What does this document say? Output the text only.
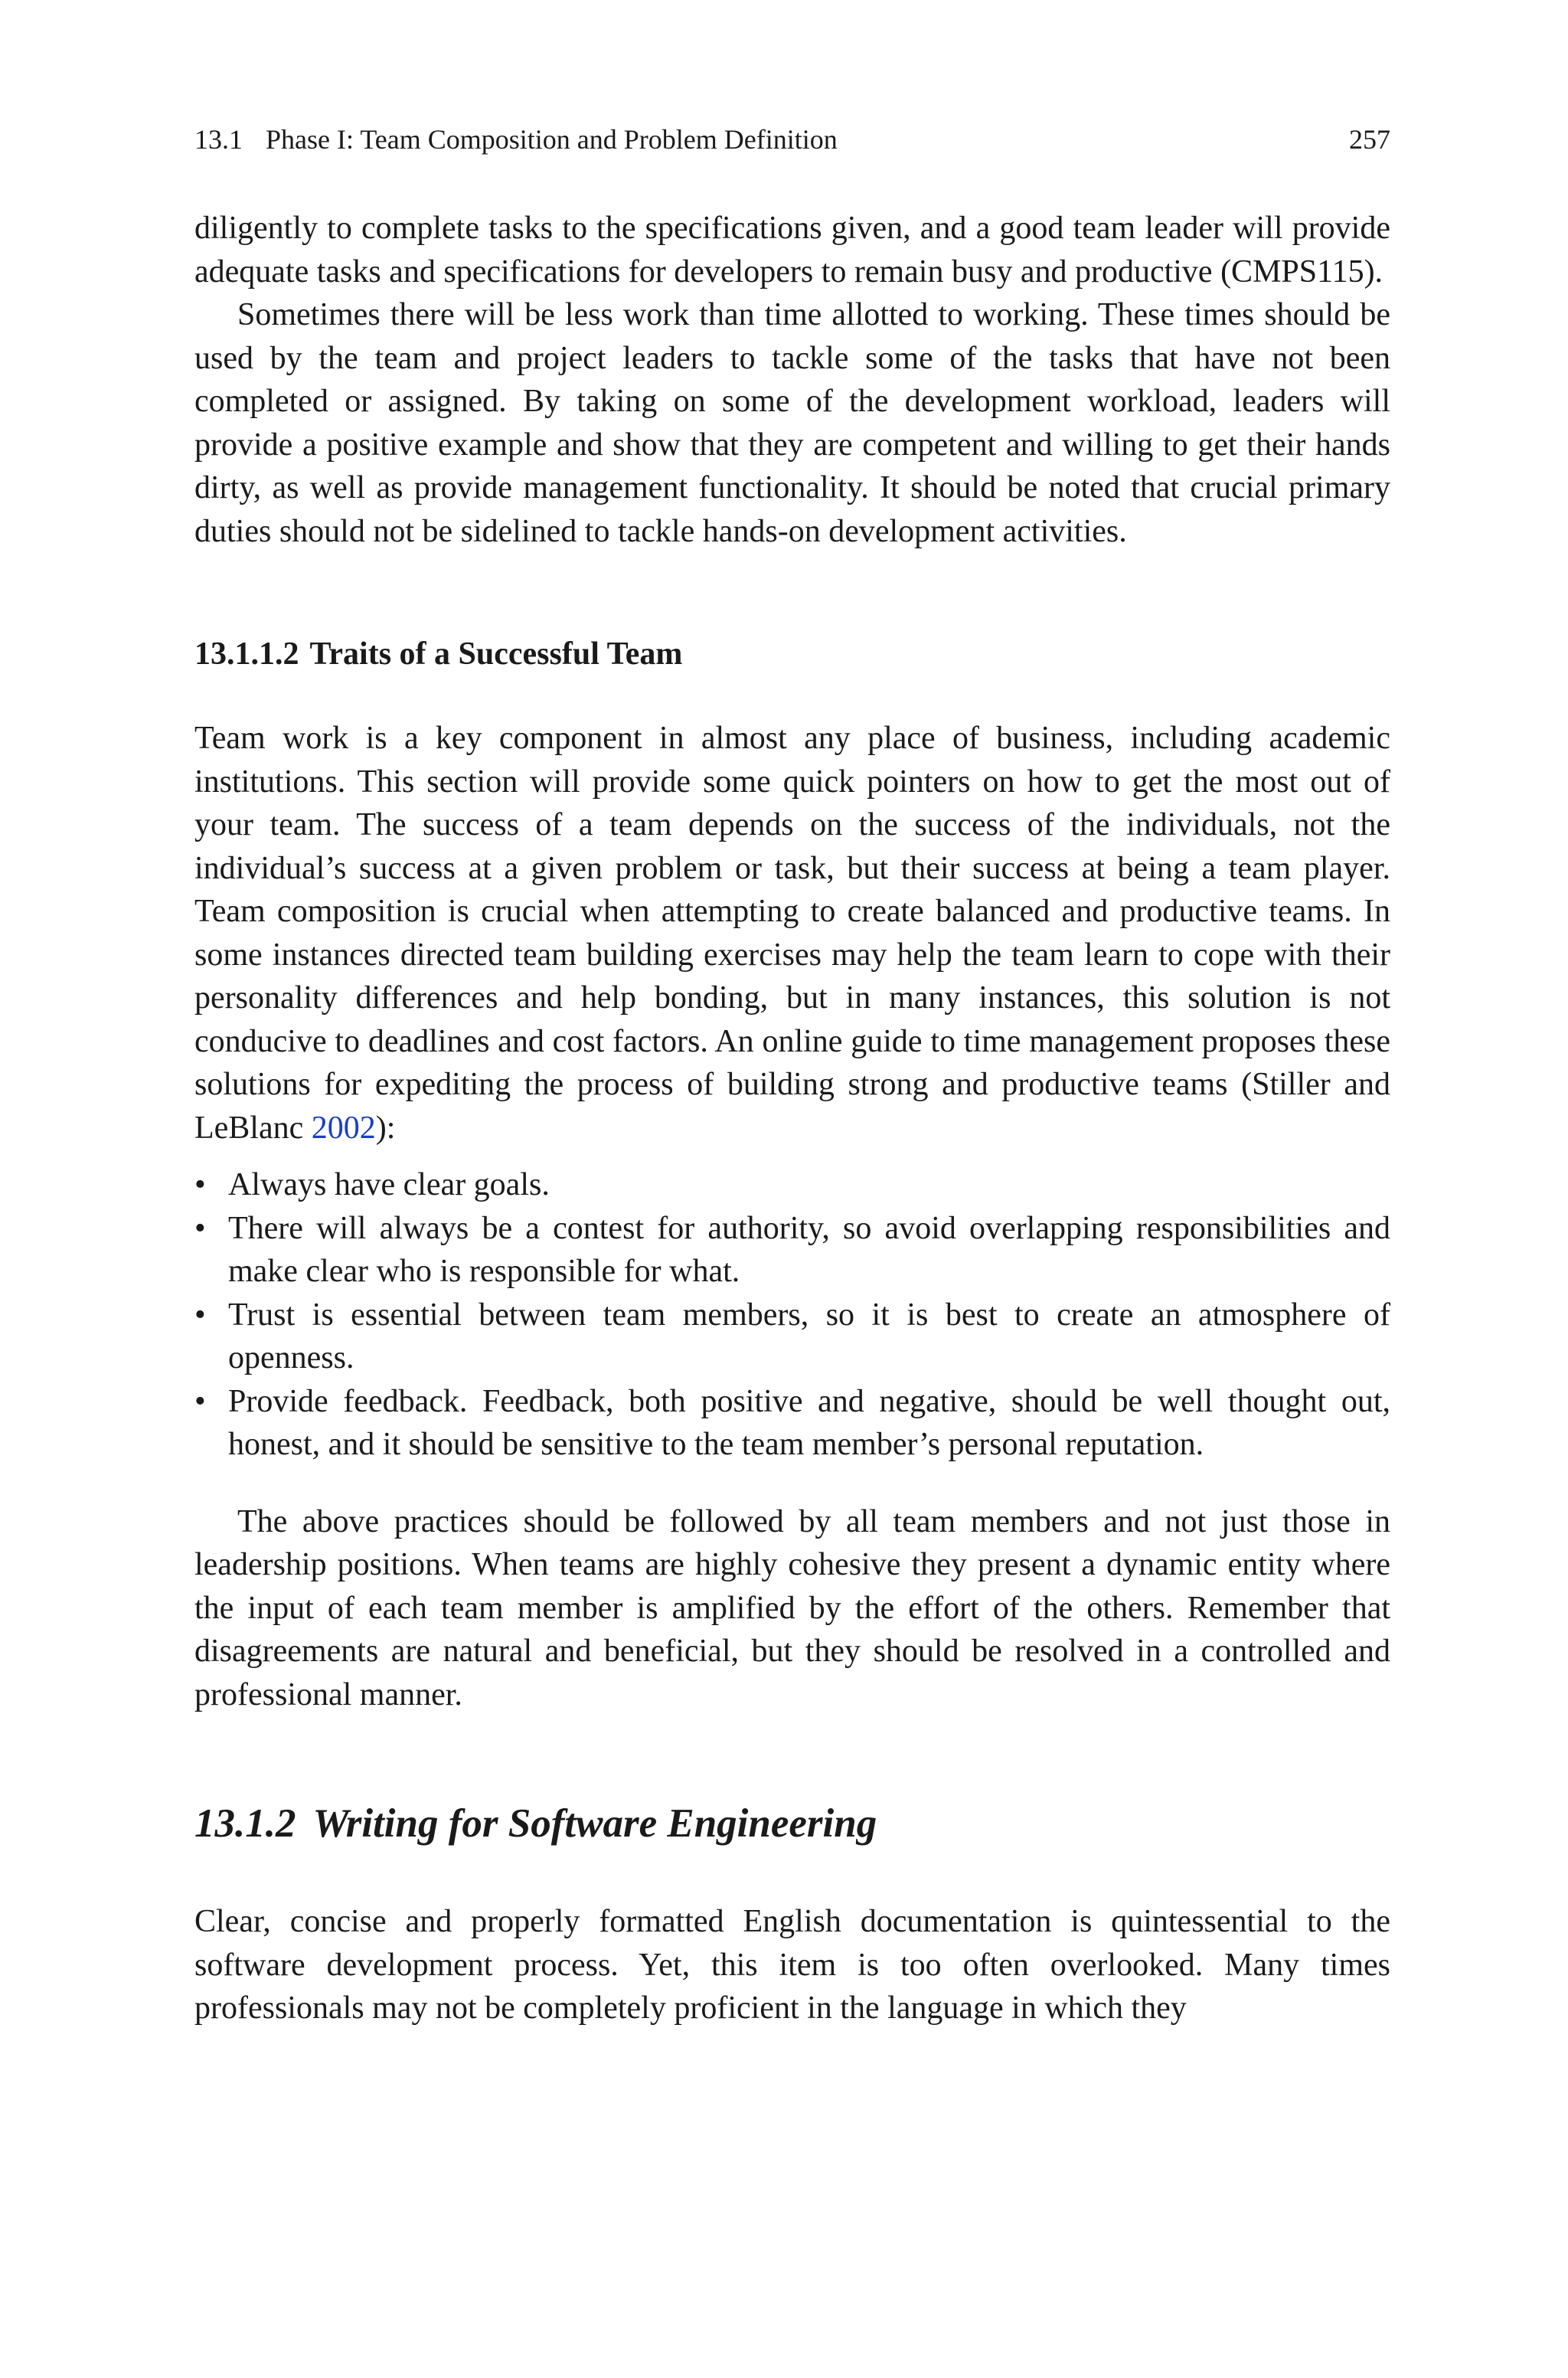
13.1 Phase I: Team Composition and Problem Definition	257

diligently to complete tasks to the specifications given, and a good team leader will provide adequate tasks and specifications for developers to remain busy and productive (CMPS115).

Sometimes there will be less work than time allotted to working. These times should be used by the team and project leaders to tackle some of the tasks that have not been completed or assigned. By taking on some of the development workload, leaders will provide a positive example and show that they are competent and willing to get their hands dirty, as well as provide management functionality. It should be noted that crucial primary duties should not be sidelined to tackle hands-on development activities.

13.1.1.2 Traits of a Successful Team

Team work is a key component in almost any place of business, including academic institutions. This section will provide some quick pointers on how to get the most out of your team. The success of a team depends on the success of the individuals, not the individual’s success at a given problem or task, but their success at being a team player. Team composition is crucial when attempting to create balanced and productive teams. In some instances directed team building exercises may help the team learn to cope with their personality differences and help bonding, but in many instances, this solution is not conducive to deadlines and cost factors. An online guide to time management proposes these solutions for expediting the process of building strong and productive teams (Stiller and LeBlanc 2002):

• Always have clear goals.
• There will always be a contest for authority, so avoid overlapping responsibilities and make clear who is responsible for what.
• Trust is essential between team members, so it is best to create an atmosphere of openness.
• Provide feedback. Feedback, both positive and negative, should be well thought out, honest, and it should be sensitive to the team member’s personal reputation.

The above practices should be followed by all team members and not just those in leadership positions. When teams are highly cohesive they present a dynamic entity where the input of each team member is amplified by the effort of the others. Remember that disagreements are natural and beneficial, but they should be resolved in a controlled and professional manner.

13.1.2 Writing for Software Engineering

Clear, concise and properly formatted English documentation is quintessential to the software development process. Yet, this item is too often overlooked. Many times professionals may not be completely proficient in the language in which they
